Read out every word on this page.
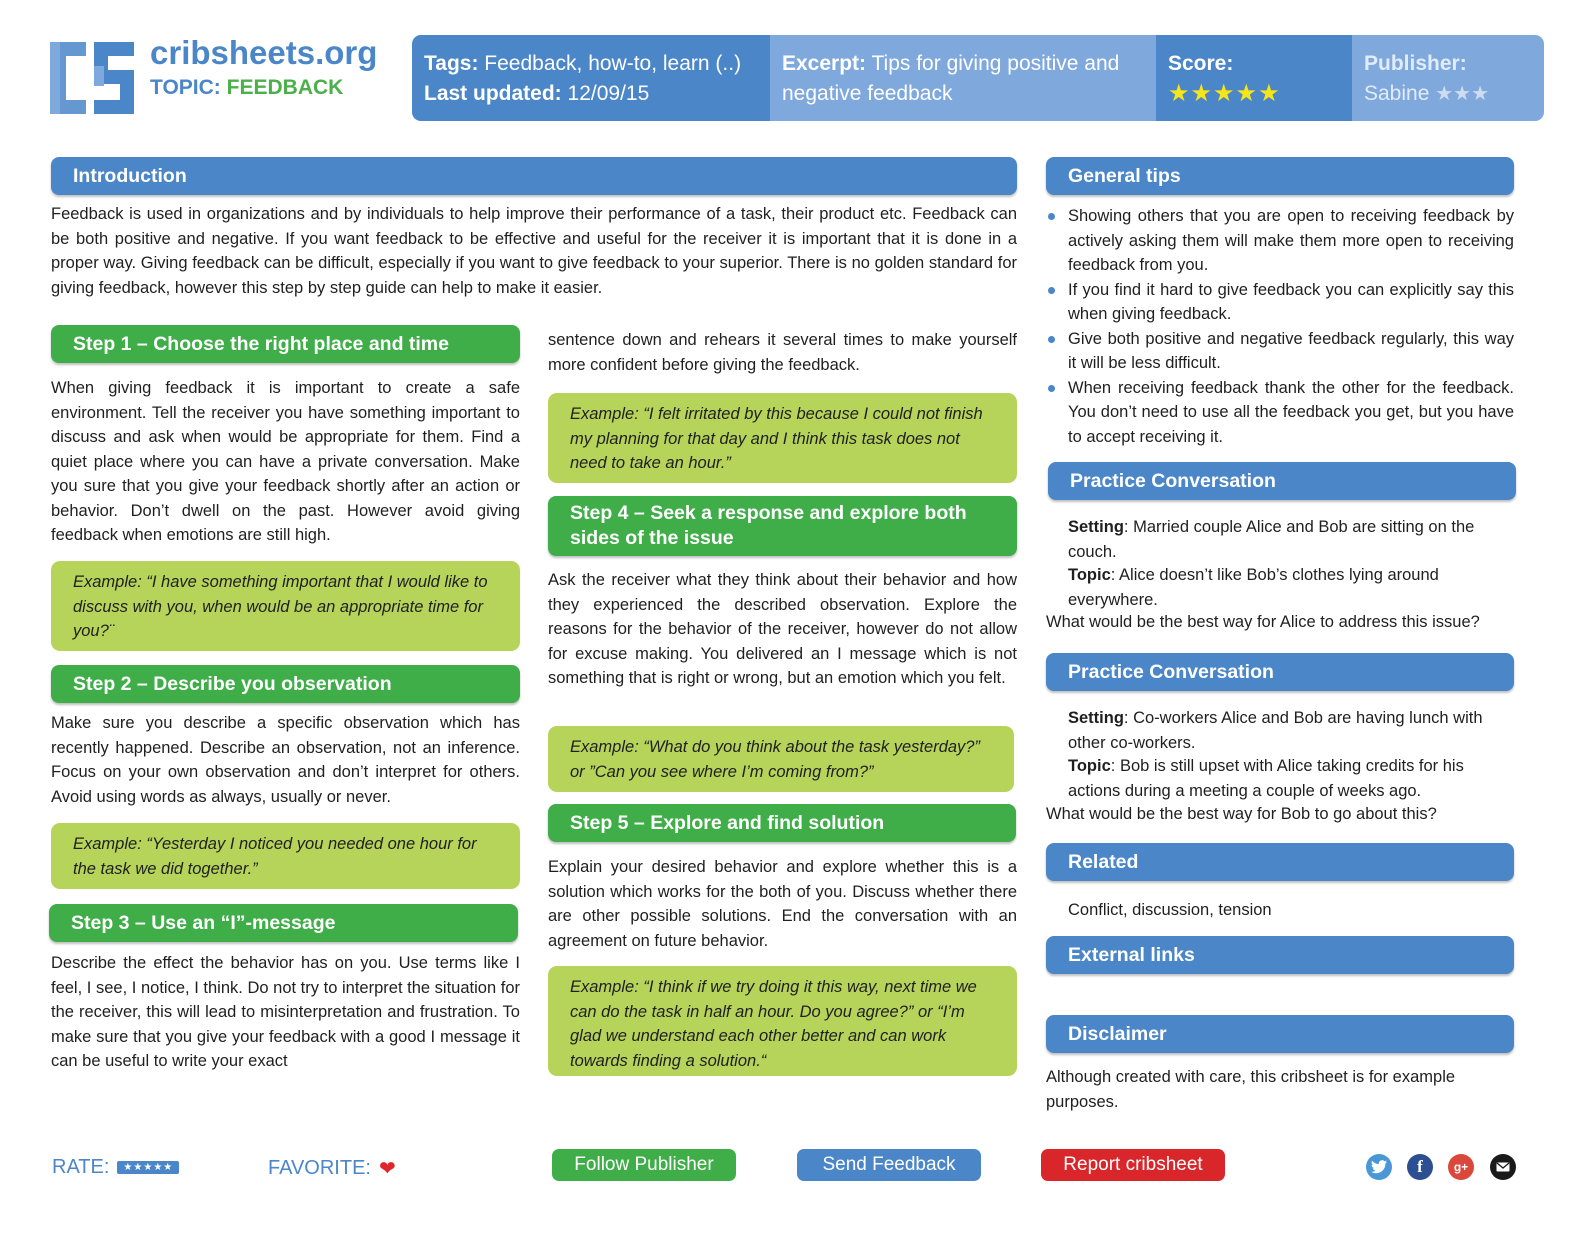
cribsheets.org
TOPIC: FEEDBACK
Tags: Feedback, how-to, learn (..)
Last updated: 12/09/15
Excerpt: Tips for giving positive and negative feedback
Score:
★★★★★
Publisher:
Sabine ★★★
Introduction

Feedback is used in organizations and by individuals to help improve their performance of a task, their product etc. Feedback can be both positive and negative. If you want feedback to be effective and useful for the receiver it is important that it is done in a proper way. Giving feedback can be difficult, especially if you want to give feedback to your superior. There is no golden standard for giving feedback, however this step by step guide can help to make it easier.

Step 1 – Choose the right place and time

When giving feedback it is important to create a safe environment. Tell the receiver you have something important to discuss and ask when would be appropriate for them. Find a quiet place where you can have a private conversation. Make you sure that you give your feedback shortly after an action or behavior. Don’t dwell on the past. However avoid giving feedback when emotions are still high.

Example: “I have something important that I would like to discuss with you, when would be an appropriate time for you?¨
Step 2 – Describe you observation

Make sure you describe a specific observation which has recently happened. Describe an observation, not an inference. Focus on your own observation and don’t interpret for others. Avoid using words as always, usually or never.

Example: “Yesterday I noticed you needed one hour for the task we did together.”
Step 3 – Use an “I”-message

Describe the effect the behavior has on you. Use terms like I feel, I see, I notice, I think. Do not try to interpret the situation for the receiver, this will lead to misinterpretation and frustration. To make sure that you give your feedback with a good I message it can be useful to write your exact

sentence down and rehears it several times to make yourself more confident before giving the feedback.

Example: “I felt irritated by this because I could not finish my planning for that day and I think this task does not need to take an hour.”
Step 4 – Seek a response and explore both sides of the issue

Ask the receiver what they think about their behavior and how they experienced the described observation. Explore the reasons for the behavior of the receiver, however do not allow for excuse making. You delivered an I message which is not something that is right or wrong, but an emotion which you felt.

Example: “What do you think about the task yesterday?” or ”Can you see where I’m coming from?”
Step 5 – Explore and find solution

Explain your desired behavior and explore whether this is a solution which works for the both of you. Discuss whether there are other possible solutions. End the conversation with an agreement on future behavior.

Example: “I think if we try doing it this way, next time we can do the task in half an hour. Do you agree?” or “I’m glad we understand each other better and can work towards finding a solution.“
General tips
Showing others that you are open to receiving feedback by actively asking them will make them more open to receiving feedback from you.
If you find it hard to give feedback you can explicitly say this when giving feedback.
Give both positive and negative feedback regularly, this way it will be less difficult.
When receiving feedback thank the other for the feedback. You don’t need to use all the feedback you get, but you have to accept receiving it.
Practice Conversation
Setting: Married couple Alice and Bob are sitting on the couch.
Topic: Alice doesn’t like Bob’s clothes lying around everywhere.
What would be the best way for Alice to address this issue?
Practice Conversation
Setting: Co-workers Alice and Bob are having lunch with other co-workers.
Topic: Bob is still upset with Alice taking credits for his actions during a meeting a couple of weeks ago.
What would be the best way for Bob to go about this?
Related
Conflict, discussion, tension
External links
Disclaimer

Although created with care, this cribsheet is for example purposes.

RATE:	★★★★★	FAVORITE: ❤	Follow Publisher	Send Feedback	Report cribsheet	f	g+
